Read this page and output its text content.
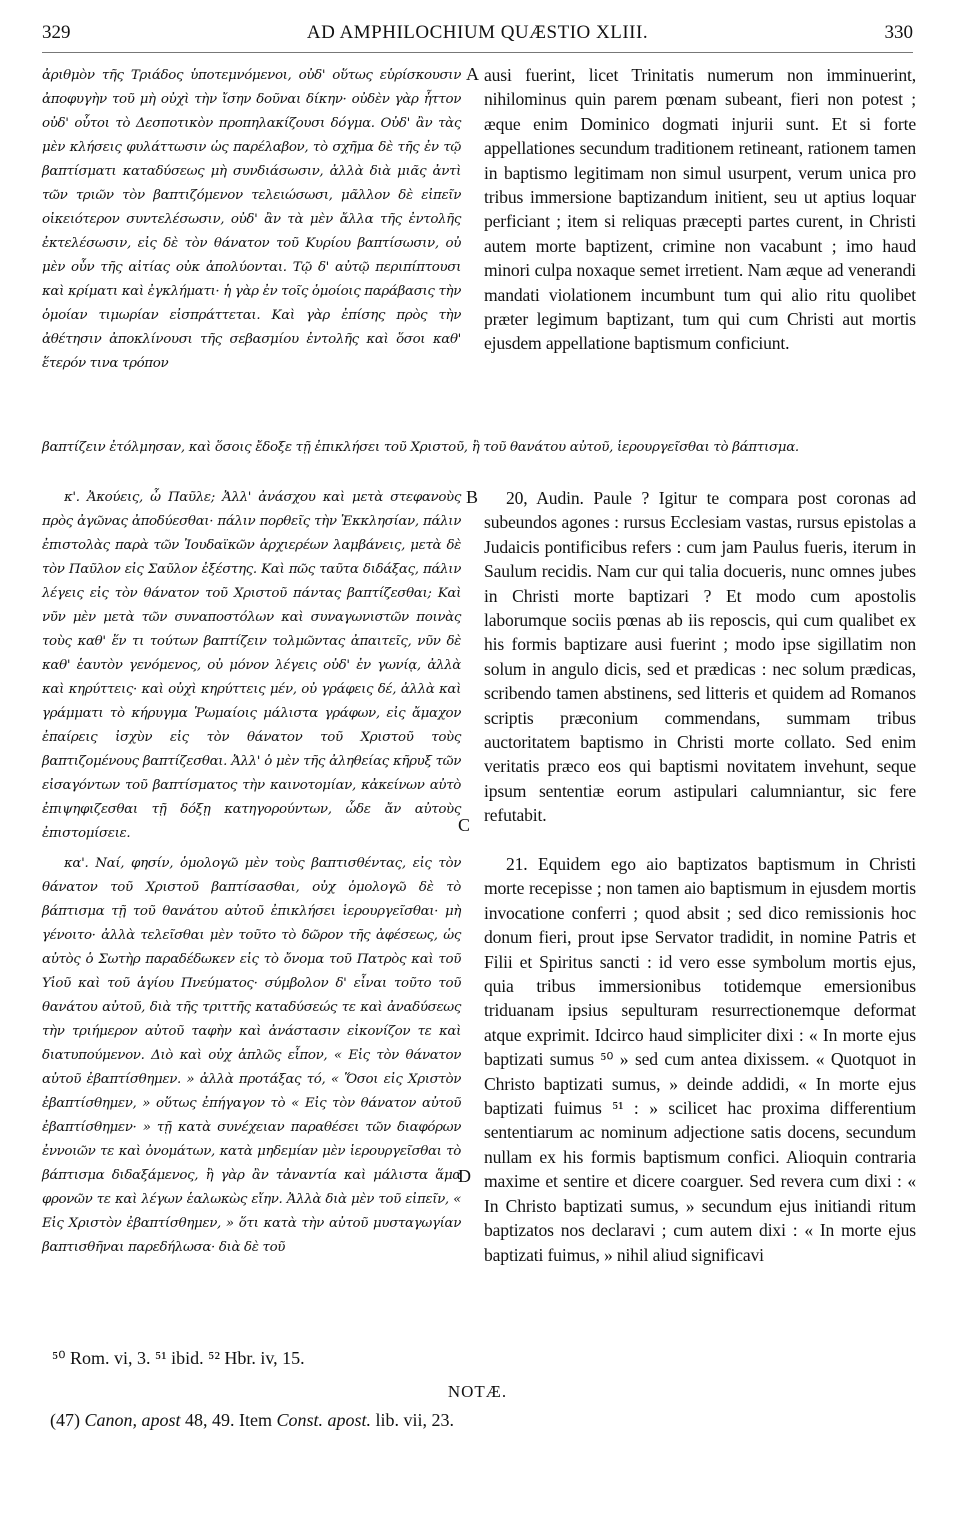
329	AD AMPHILOCHIUM QUÆSTIO XLIII.	330

ἀριθμὸν τῆς Τριάδος ὑποτεμνόμενοι, οὐδ' οὕτως εὑρίσκουσιν ἀποφυγὴν τοῦ μὴ οὐχὶ τὴν ἴσην δοῦναι δίκην· οὐδὲν γὰρ ἧττον οὐδ' οὗτοι τὸ Δεσποτικὸν προπηλακίζουσι δόγμα. Οὐδ' ἂν τὰς μὲν κλήσεις φυλάττωσιν ὡς παρέλαβον, τὸ σχῆμα δὲ τῆς ἐν τῷ βαπτίσματι καταδύσεως μὴ συνδιάσωσιν, ἀλλὰ διὰ μιᾶς ἀντὶ τῶν τριῶν τὸν βαπτιζόμενον τελειώσωσι, μᾶλλον δὲ εἰπεῖν οἰκειότερον συντελέσωσιν, οὐδ' ἂν τὰ μὲν ἄλλα τῆς ἐντολῆς ἐκτελέσωσιν, εἰς δὲ τὸν θάνατον τοῦ Κυρίου βαπτίσωσιν, οὐ μὲν οὖν τῆς αἰτίας οὐκ ἀπολύονται. Τῷ δ' αὐτῷ περιπίπτουσι καὶ κρίματι καὶ ἐγκλήματι· ἡ γὰρ ἐν τοῖς ὁμοίοις παράβασις τὴν ὁμοίαν τιμωρίαν εἰσπράττεται. Καὶ γὰρ ἐπίσης πρὸς τὴν ἀθέτησιν ἀποκλίνουσι τῆς σεβασμίου ἐντολῆς καὶ ὅσοι καθ' ἕτερόν τινα τρόπον

ausi fuerint, licet Trinitatis numerum non imminuerint, nihilominus quin parem pœnam subeant, fieri non potest ; æque enim Dominico dogmati injurii sunt. Et si forte appellationes secundum traditionem retineant, rationem tamen in baptismo legitimam non simul usurpent, verum unica pro tribus immersione baptizandum initient, seu ut aptius loquar perficiant ; item si reliquas præcepti partes curent, in Christi autem morte baptizent, crimine non vacabunt ; imo haud minori culpa noxaque semet irretient. Nam æque ad venerandi mandati violationem incumbunt tum qui alio ritu quolibet præter legimum baptizant, tum qui cum Christi aut mortis ejusdem appellatione baptismum conficiunt.

A
βαπτίζειν ἐτόλμησαν, καὶ ὅσοις ἔδοξε τῇ ἐπικλήσει τοῦ Χριστοῦ, ἢ τοῦ θανάτου αὐτοῦ, ἱερουργεῖσθαι τὸ βάπτισμα.

κ'. Ἀκούεις, ὦ Παῦλε; Ἀλλ' ἀνάσχου καὶ μετὰ στεφανοὺς πρὸς ἀγῶνας ἀποδύεσθαι· πάλιν πορθεῖς τὴν Ἐκκλησίαν, πάλιν ἐπιστολὰς παρὰ τῶν Ἰουδαϊκῶν ἀρχιερέων λαμβάνεις, μετὰ δὲ τὸν Παῦλον εἰς Σαῦλον ἐξέστης. Καὶ πῶς ταῦτα διδάξας, πάλιν λέγεις εἰς τὸν θάνατον τοῦ Χριστοῦ πάντας βαπτίζεσθαι; Καὶ νῦν μὲν μετὰ τῶν συναποστόλων καὶ συναγωνιστῶν ποινὰς τοὺς καθ' ἕν τι τούτων βαπτίζειν τολμῶντας ἀπαιτεῖς, νῦν δὲ καθ' ἑαυτὸν γενόμενος, οὐ μόνον λέγεις οὐδ' ἐν γωνίᾳ, ἀλλὰ καὶ κηρύττεις· καὶ οὐχὶ κηρύττεις μέν, οὐ γράφεις δέ, ἀλλὰ καὶ γράμματι τὸ κήρυγμα Ῥωμαίοις μάλιστα γράφων, εἰς ἄμαχον ἐπαίρεις ἰσχὺν εἰς τὸν θάνατον τοῦ Χριστοῦ τοὺς βαπτιζομένους βαπτίζεσθαι. Ἀλλ' ὁ μὲν τῆς ἀληθείας κῆρυξ τῶν εἰσαγόντων τοῦ βαπτίσματος τὴν καινοτομίαν, κἀκείνων αὐτὸ ἐπιψηφιζεσθαι τῇ δόξῃ κατηγορούντων, ὧδε ἄν αὐτοὺς ἐπιστομίσειε.

20, Audin. Paule ? Igitur te compara post coronas ad subeundos agones : rursus Ecclesiam vastas, rursus epistolas a Judaicis pontificibus refers : cum jam Paulus fueris, iterum in Saulum recidis. Nam cur qui talia docueris, nunc omnes jubes in Christi morte baptizari ? Et modo cum apostolis laborumque sociis pœnas ab iis reposcis, qui cum qualibet ex his formis baptizare ausi fuerint ; modo ipse sigillatim non solum in angulo dicis, sed et prædicas : nec solum prædicas, scribendo tamen abstinens, sed litteris et quidem ad Romanos scriptis præconium commendans, summam tribus auctoritatem baptismo in Christi morte collato. Sed enim veritatis præco eos qui baptismi novitatem invehunt, seque ipsum sententiæ eorum astipulari calumniantur, sic fere refutabit.

B
C

κα'. Ναί, φησίν, ὁμολογῶ μὲν τοὺς βαπτισθέντας, εἰς τὸν θάνατον τοῦ Χριστοῦ βαπτίσασθαι, οὐχ ὁμολογῶ δὲ τὸ βάπτισμα τῇ τοῦ θανάτου αὐτοῦ ἐπικλήσει ἱερουργεῖσθαι· μὴ γένοιτο· ἀλλὰ τελεῖσθαι μὲν τοῦτο τὸ δῶρον τῆς ἀφέσεως, ὡς αὐτὸς ὁ Σωτὴρ παραδέδωκεν εἰς τὸ ὄνομα τοῦ Πατρὸς καὶ τοῦ Υἱοῦ καὶ τοῦ ἁγίου Πνεύματος· σύμβολον δ' εἶναι τοῦτο τοῦ θανάτου αὐτοῦ, διὰ τῆς τριττῆς καταδύσεώς τε καὶ ἀναδύσεως τὴν τριήμερον αὐτοῦ ταφὴν καὶ ἀνάστασιν εἰκονίζον τε καὶ διατυπούμενον. Διὸ καὶ οὐχ ἁπλῶς εἶπον, « Εἰς τὸν θάνατον αὐτοῦ ἐβαπτίσθημεν. » ἀλλὰ προτάξας τό, « Ὅσοι εἰς Χριστὸν ἐβαπτίσθημεν, » οὕτως ἐπήγαγον τὸ « Εἰς τὸν θάνατον αὐτοῦ ἐβαπτίσθημεν· » τῇ κατὰ συνέχειαν παραθέσει τῶν διαφόρων ἐννοιῶν τε καὶ ὀνομάτων, κατὰ μηδεμίαν μὲν ἱερουργεῖσθαι τὸ βάπτισμα διδαξάμενος, ἢ γὰρ ἂν τἀναντία καὶ μάλιστα ἅμα φρονῶν τε καὶ λέγων ἑαλωκὼς εἴην. Ἀλλὰ διὰ μὲν τοῦ εἰπεῖν, « Εἰς Χριστὸν ἐβαπτίσθημεν, » ὅτι κατὰ τὴν αὐτοῦ μυσταγωγίαν βαπτισθῆναι παρεδήλωσα· διὰ δὲ τοῦ

21. Equidem ego aio baptizatos baptismum in Christi morte recepisse ; non tamen aio baptismum in ejusdem mortis invocatione conferri ; quod absit ; sed dico remissionis hoc donum fieri, prout ipse Servator tradidit, in nomine Patris et Filii et Spiritus sancti : id vero esse symbolum mortis ejus, quia tribus immersionibus totidemque emersionibus triduanam ipsius sepulturam resurrectionemque deformat atque exprimit. Idcirco haud simpliciter dixi : « In morte ejus baptizati sumus ⁵⁰ » sed cum antea dixissem. « Quotquot in Christo baptizati sumus, » deinde addidi, « In morte ejus baptizati fuimus ⁵¹ : » scilicet hac proxima differentium sententiarum ac nominum adjectione satis docens, secundum nullam ex his formis baptismum confici. Alioquin contraria maxime et sentire et dicere coarguer. Sed revera cum dixi : « In Christo baptizati sumus, » secundum ejus initiandi ritum baptizatos nos declaravi ; cum autem dixi : « In morte ejus baptizati fuimus, » nihil aliud significavi

D
⁵⁰ Rom. vi, 3. ⁵¹ ibid. ⁵² Hbr. iv, 15.
NOTÆ.
(47) Canon, apost 48, 49. Item Const. apost. lib. vii, 23.
